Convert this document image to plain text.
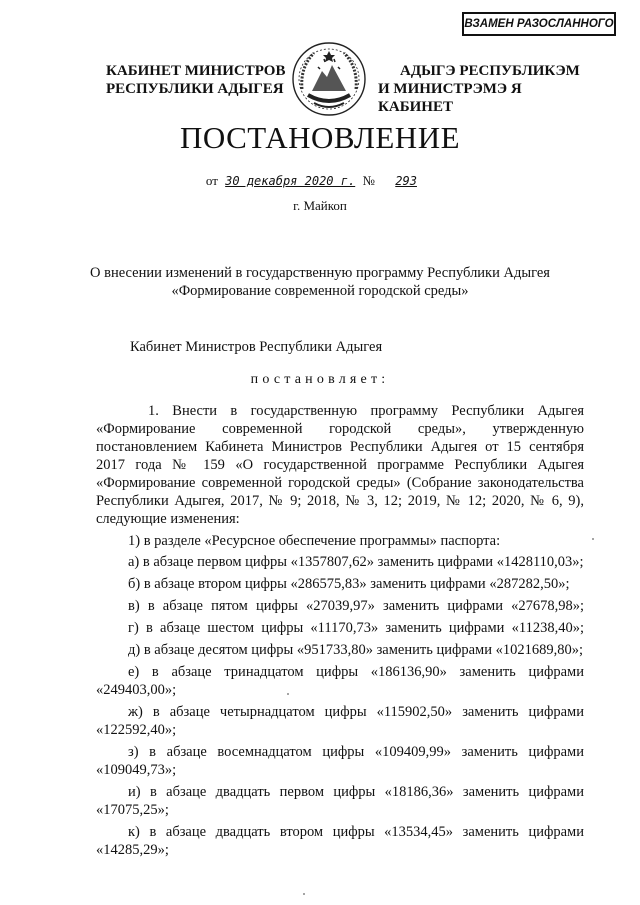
ВЗАМЕН РАЗОСЛАННОГО
КАБИНЕТ МИНИСТРОВ
РЕСПУБЛИКИ АДЫГЕЯ
АДЫГЭ РЕСПУБЛИКЭМ
И МИНИСТРЭМЭ Я КАБИНЕТ
ПОСТАНОВЛЕНИЕ
от 30 декабря 2020 г. № 293
г. Майкоп
О внесении изменений в государственную программу Республики Адыгея
«Формирование современной городской среды»
Кабинет Министров Республики Адыгея
постановляет:

1. Внести в государственную программу Республики Адыгея «Формирование современной городской среды», утвержденную постановлением Кабинета Министров Республики Адыгея от 15 сентября 2017 года № 159 «О государственной программе Республики Адыгея «Формирование современной городской среды» (Собрание законодательства Республики Адыгея, 2017, № 9; 2018, № 3, 12; 2019, № 12; 2020, № 6, 9), следующие изменения:

1) в разделе «Ресурсное обеспечение программы» паспорта:

а) в абзаце первом цифры «1357807,62» заменить цифрами «1428110,03»;

б) в абзаце втором цифры «286575,83» заменить цифрами «287282,50»;

в) в абзаце пятом цифры «27039,97» заменить цифрами «27678,98»;

г) в абзаце шестом цифры «11170,73» заменить цифрами «11238,40»;

д) в абзаце десятом цифры «951733,80» заменить цифрами «1021689,80»;

е) в абзаце тринадцатом цифры «186136,90» заменить цифрами «249403,00»;

ж) в абзаце четырнадцатом цифры «115902,50» заменить цифрами «122592,40»;

з) в абзаце восемнадцатом цифры «109409,99» заменить цифрами «109049,73»;

и) в абзаце двадцать первом цифры «18186,36» заменить цифрами «17075,25»;

к) в абзаце двадцать втором цифры «13534,45» заменить цифрами «14285,29»;
